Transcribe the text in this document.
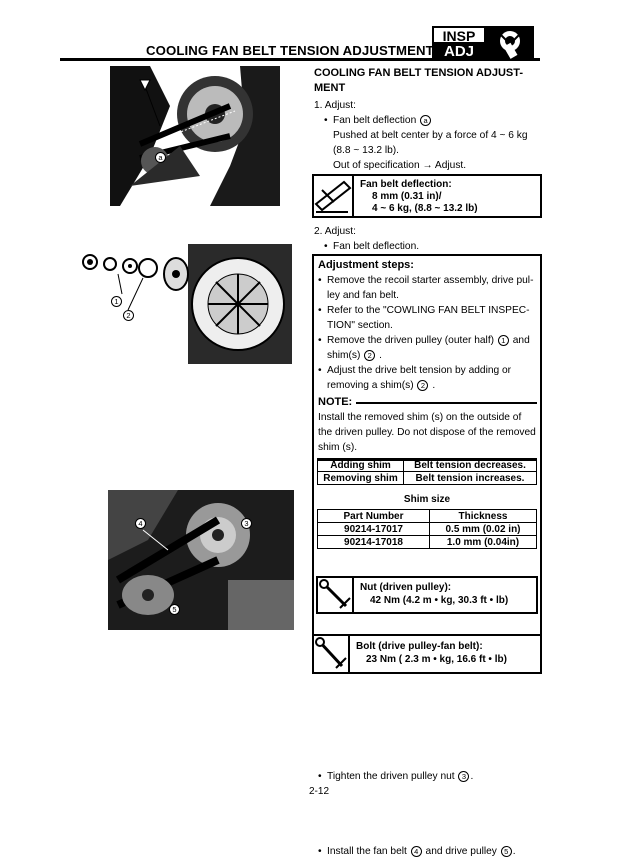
COOLING FAN BELT TENSION ADJUSTMENT
INSP
ADJ
a
1
2
4	3
5
COOLING FAN BELT TENSION ADJUST-MENT
1. Adjust:
• Fan belt deflection a
Pushed at belt center by a force of 4 ~ 6 kg (8.8 ~ 13.2 lb).
Out of specification → Adjust.
Fan belt deflection:
8 mm (0.31 in)/
4 ~ 6 kg, (8.8 ~ 13.2 lb)
2. Adjust:
• Fan belt deflection.
Adjustment steps:
• Remove the recoil starter assembly, drive pul-ley and fan belt.
• Refer to the "COWLING FAN BELT INSPEC-TION" section.
• Remove the driven pulley (outer half) 1 and shim(s) 2 .
• Adjust the drive belt tension by adding or removing a shim(s) 2 .
NOTE:
Install the removed shim (s) on the outside of the driven pulley. Do not dispose of the removed shim (s).
Adding shim	Belt tension decreases.
Removing shim	Belt tension increases.
Shim size
Part Number	Thickness
90214-17017	0.5 mm (0.02 in)
90214-17018	1.0 mm (0.04in)
• Tighten the driven pulley nut 3 .
Nut (driven pulley):
42 Nm (4.2 m • kg, 30.3 ft • lb)
• Install the fan belt 4 and drive pulley 5 .
Bolt (drive pulley-fan belt):
23 Nm ( 2.3 m • kg, 16.6 ft • lb)
2-12
